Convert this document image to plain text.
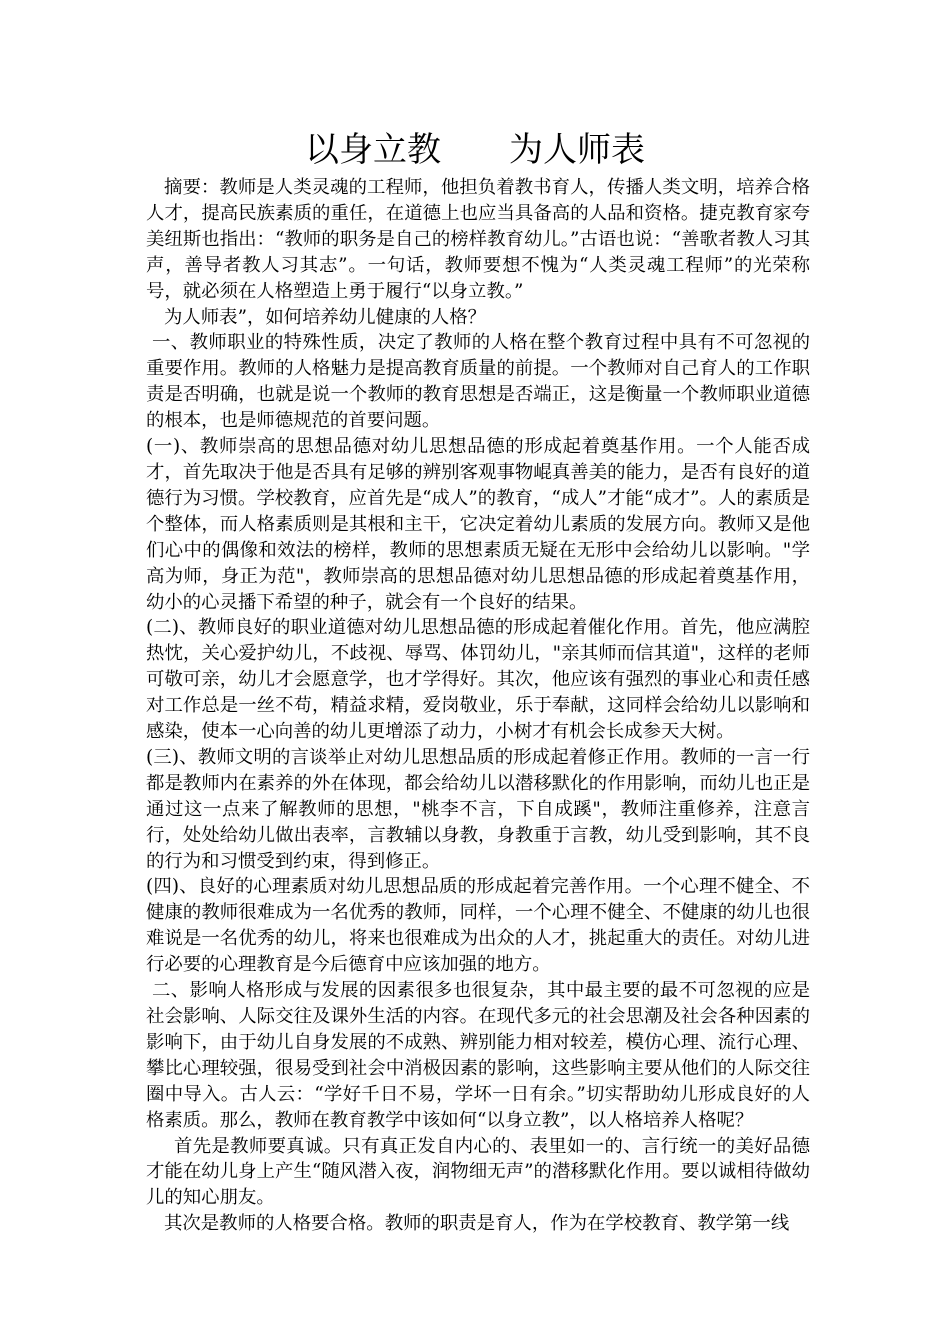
以身立教　　为人师表

摘要：教师是人类灵魂的工程师，他担负着教书育人，传播人类文明，培养合格人才，提高民族素质的重任，在道德上也应当具备高的人品和资格。捷克教育家夸美纽斯也指出：“教师的职务是自己的榜样教育幼儿。”古语也说：“善歌者教人习其声，善导者教人习其志”。一句话，教师要想不愧为“人类灵魂工程师”的光荣称号，就必须在人格塑造上勇于履行“以身立教。”

为人师表”，如何培养幼儿健康的人格？

一、教师职业的特殊性质，决定了教师的人格在整个教育过程中具有不可忽视的重要作用。教师的人格魅力是提高教育质量的前提。一个教师对自己育人的工作职责是否明确，也就是说一个教师的教育思想是否端正，这是衡量一个教师职业道德的根本，也是师德规范的首要问题。

(一)、教师崇高的思想品德对幼儿思想品德的形成起着奠基作用。一个人能否成才，首先取决于他是否具有足够的辨别客观事物崐真善美的能力，是否有良好的道德行为习惯。学校教育，应首先是“成人”的教育，“成人”才能“成才”。人的素质是个整体，而人格素质则是其根和主干，它决定着幼儿素质的发展方向。教师又是他们心中的偶像和效法的榜样，教师的思想素质无疑在无形中会给幼儿以影响。"学高为师，身正为范"，教师崇高的思想品德对幼儿思想品德的形成起着奠基作用，幼小的心灵播下希望的种子，就会有一个良好的结果。

(二)、教师良好的职业道德对幼儿思想品德的形成起着催化作用。首先，他应满腔热忱，关心爱护幼儿，不歧视、辱骂、体罚幼儿，"亲其师而信其道"，这样的老师可敬可亲，幼儿才会愿意学，也才学得好。其次，他应该有强烈的事业心和责任感对工作总是一丝不苟，精益求精，爱岗敬业，乐于奉献，这同样会给幼儿以影响和感染，使本一心向善的幼儿更增添了动力，小树才有机会长成参天大树。

(三)、教师文明的言谈举止对幼儿思想品质的形成起着修正作用。教师的一言一行都是教师内在素养的外在体现，都会给幼儿以潜移默化的作用影响，而幼儿也正是通过这一点来了解教师的思想，"桃李不言，下自成蹊"，教师注重修养，注意言行，处处给幼儿做出表率，言教辅以身教，身教重于言教，幼儿受到影响，其不良的行为和习惯受到约束，得到修正。

(四)、良好的心理素质对幼儿思想品质的形成起着完善作用。一个心理不健全、不健康的教师很难成为一名优秀的教师，同样，一个心理不健全、不健康的幼儿也很难说是一名优秀的幼儿，将来也很难成为出众的人才，挑起重大的责任。对幼儿进行必要的心理教育是今后德育中应该加强的地方。

二、影响人格形成与发展的因素很多也很复杂，其中最主要的最不可忽视的应是社会影响、人际交往及课外生活的内容。在现代多元的社会思潮及社会各种因素的影响下，由于幼儿自身发展的不成熟、辨别能力相对较差，模仿心理、流行心理、攀比心理较强，很易受到社会中消极因素的影响，这些影响主要从他们的人际交往圈中导入。古人云：“学好千日不易，学坏一日有余。”切实帮助幼儿形成良好的人格素质。那么，教师在教育教学中该如何“以身立教”，以人格培养人格呢？

首先是教师要真诚。只有真正发自内心的、表里如一的、言行统一的美好品德才能在幼儿身上产生“随风潜入夜，润物细无声”的潜移默化作用。要以诚相待做幼儿的知心朋友。

其次是教师的人格要合格。教师的职责是育人，作为在学校教育、教学第一线
